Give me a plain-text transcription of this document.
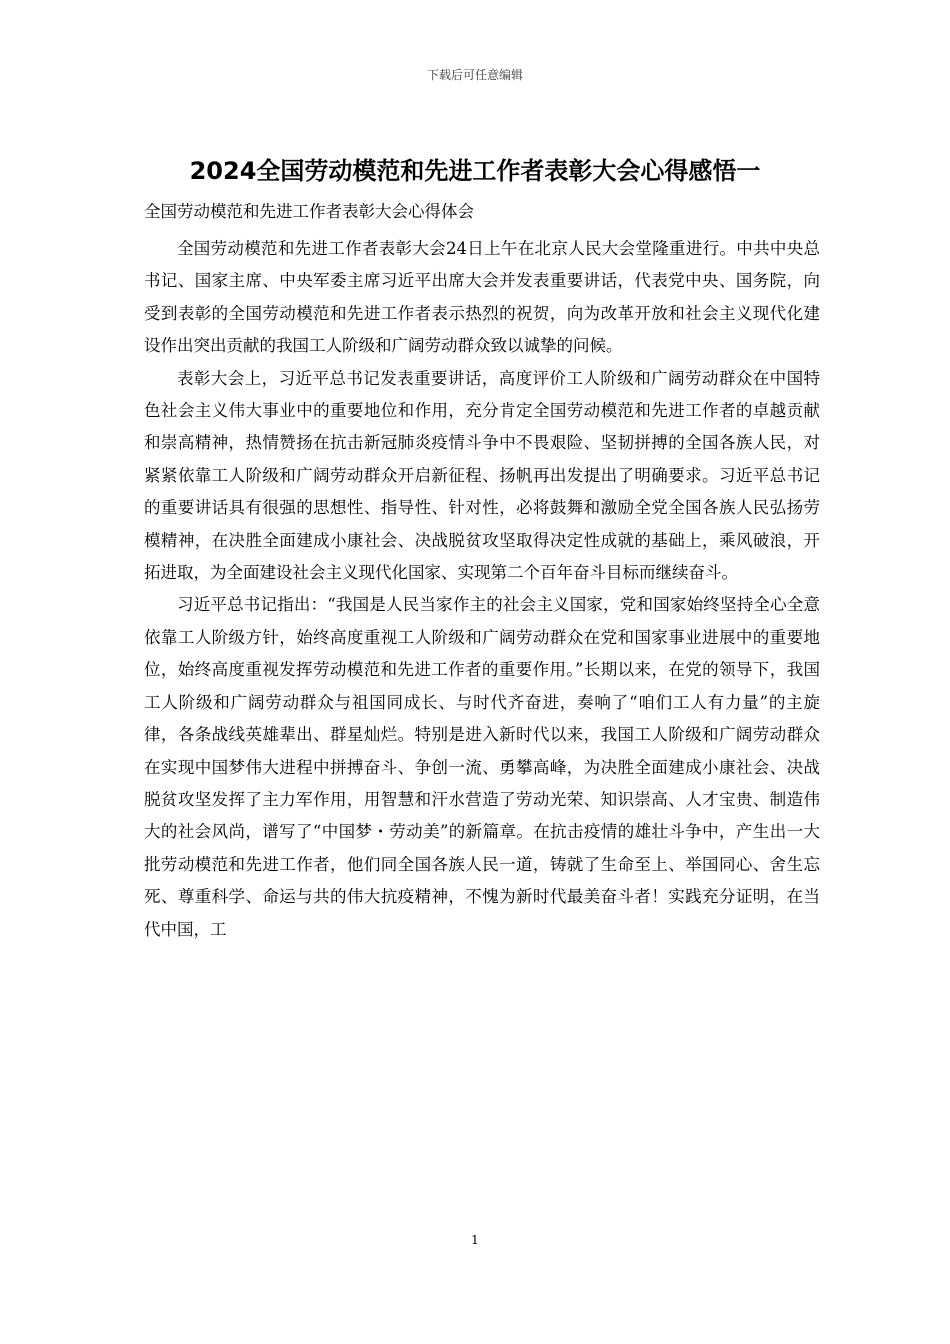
下载后可任意编辑
2024全国劳动模范和先进工作者表彰大会心得感悟一

全国劳动模范和先进工作者表彰大会心得体会

全国劳动模范和先进工作者表彰大会24日上午在北京人民大会堂隆重进行。中共中央总书记、国家主席、中央军委主席习近平出席大会并发表重要讲话，代表党中央、国务院，向受到表彰的全国劳动模范和先进工作者表示热烈的祝贺，向为改革开放和社会主义现代化建设作出突出贡献的我国工人阶级和广阔劳动群众致以诚挚的问候。

表彰大会上，习近平总书记发表重要讲话，高度评价工人阶级和广阔劳动群众在中国特色社会主义伟大事业中的重要地位和作用，充分肯定全国劳动模范和先进工作者的卓越贡献和崇高精神，热情赞扬在抗击新冠肺炎疫情斗争中不畏艰险、坚韧拼搏的全国各族人民，对紧紧依靠工人阶级和广阔劳动群众开启新征程、扬帆再出发提出了明确要求。习近平总书记的重要讲话具有很强的思想性、指导性、针对性，必将鼓舞和激励全党全国各族人民弘扬劳模精神，在决胜全面建成小康社会、决战脱贫攻坚取得决定性成就的基础上，乘风破浪，开拓进取，为全面建设社会主义现代化国家、实现第二个百年奋斗目标而继续奋斗。

习近平总书记指出：“我国是人民当家作主的社会主义国家，党和国家始终坚持全心全意依靠工人阶级方针，始终高度重视工人阶级和广阔劳动群众在党和国家事业进展中的重要地位，始终高度重视发挥劳动模范和先进工作者的重要作用。”长期以来，在党的领导下，我国工人阶级和广阔劳动群众与祖国同成长、与时代齐奋进，奏响了“咱们工人有力量”的主旋律，各条战线英雄辈出、群星灿烂。特别是进入新时代以来，我国工人阶级和广阔劳动群众在实现中国梦伟大进程中拼搏奋斗、争创一流、勇攀高峰，为决胜全面建成小康社会、决战脱贫攻坚发挥了主力军作用，用智慧和汗水营造了劳动光荣、知识崇高、人才宝贵、制造伟大的社会风尚，谱写了“中国梦・劳动美”的新篇章。在抗击疫情的雄壮斗争中，产生出一大批劳动模范和先进工作者，他们同全国各族人民一道，铸就了生命至上、举国同心、舍生忘死、尊重科学、命运与共的伟大抗疫精神，不愧为新时代最美奋斗者！实践充分证明，在当代中国，工

1
